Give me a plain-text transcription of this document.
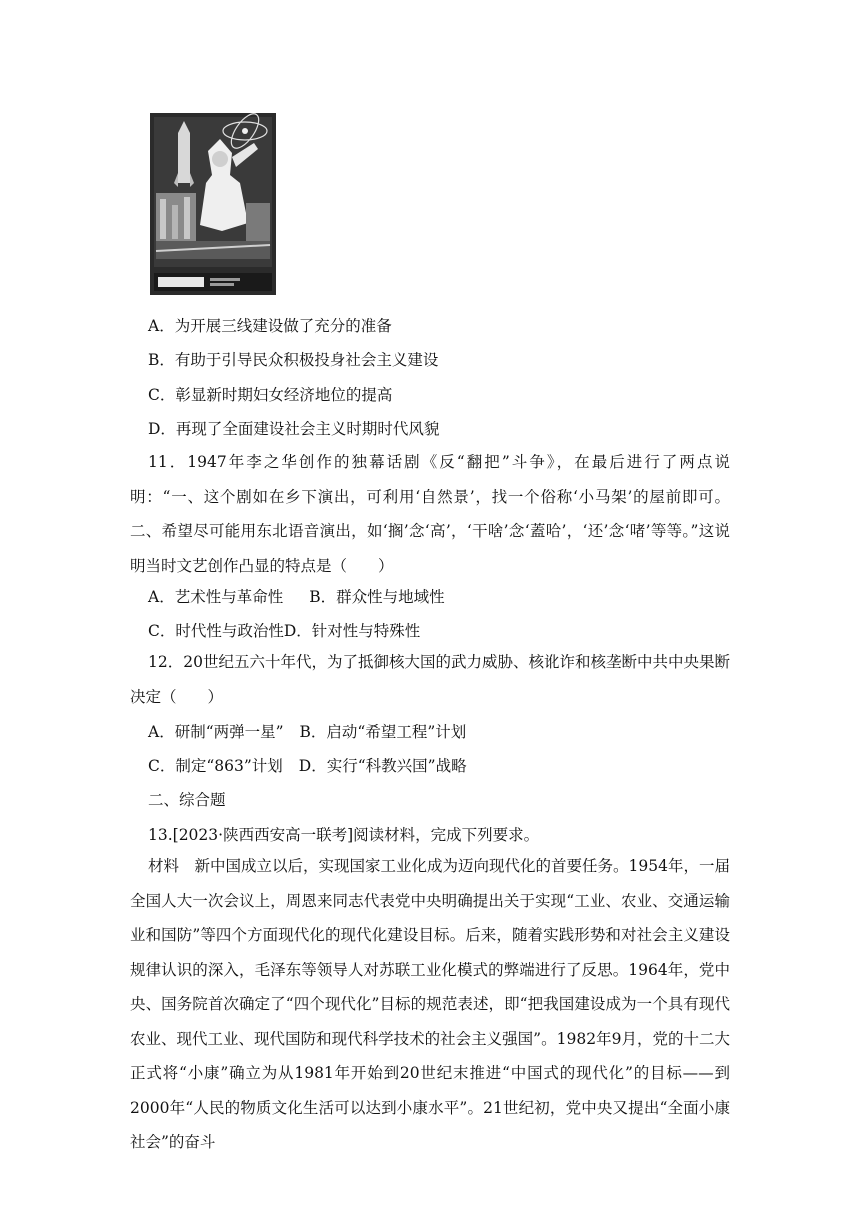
A．为开展三线建设做了充分的准备
B．有助于引导民众积极投身社会主义建设
C．彰显新时期妇女经济地位的提高
D．再现了全面建设社会主义时期时代风貌
11．1947年李之华创作的独幕话剧《反“翻把”斗争》，在最后进行了两点说明：“一、这个剧如在乡下演出，可利用‘自然景’，找一个俗称‘小马架’的屋前即可。二、希望尽可能用东北语音演出，如‘搁’念‘高’，‘干啥’念‘蓋哈’，‘还’念‘啫’等等。”这说明当时文艺创作凸显的特点是（　　）
A．艺术性与革命性 B．群众性与地域性
C．时代性与政治性D．针对性与特殊性
12．20世纪五六十年代，为了抵御核大国的武力威胁、核讹诈和核垄断中共中央果断决定（　　）
A．研制“两弹一星” B．启动“希望工程”计划
C．制定“863”计划 D．实行“科教兴国”战略
二、综合题
13.[2023·陕西西安高一联考]阅读材料，完成下列要求。
材料　新中国成立以后，实现国家工业化成为迈向现代化的首要任务。1954年，一届全国人大一次会议上，周恩来同志代表党中央明确提出关于实现“工业、农业、交通运输业和国防”等四个方面现代化的现代化建设目标。后来，随着实践形势和对社会主义建设规律认识的深入，毛泽东等领导人对苏联工业化模式的弊端进行了反思。1964年，党中央、国务院首次确定了“四个现代化”目标的规范表述，即“把我国建设成为一个具有现代农业、现代工业、现代国防和现代科学技术的社会主义强国”。1982年9月，党的十二大正式将“小康”确立为从1981年开始到20世纪末推进“中国式的现代化”的目标——到2000年“人民的物质文化生活可以达到小康水平”。21世纪初，党中央又提出“全面小康社会”的奋斗
